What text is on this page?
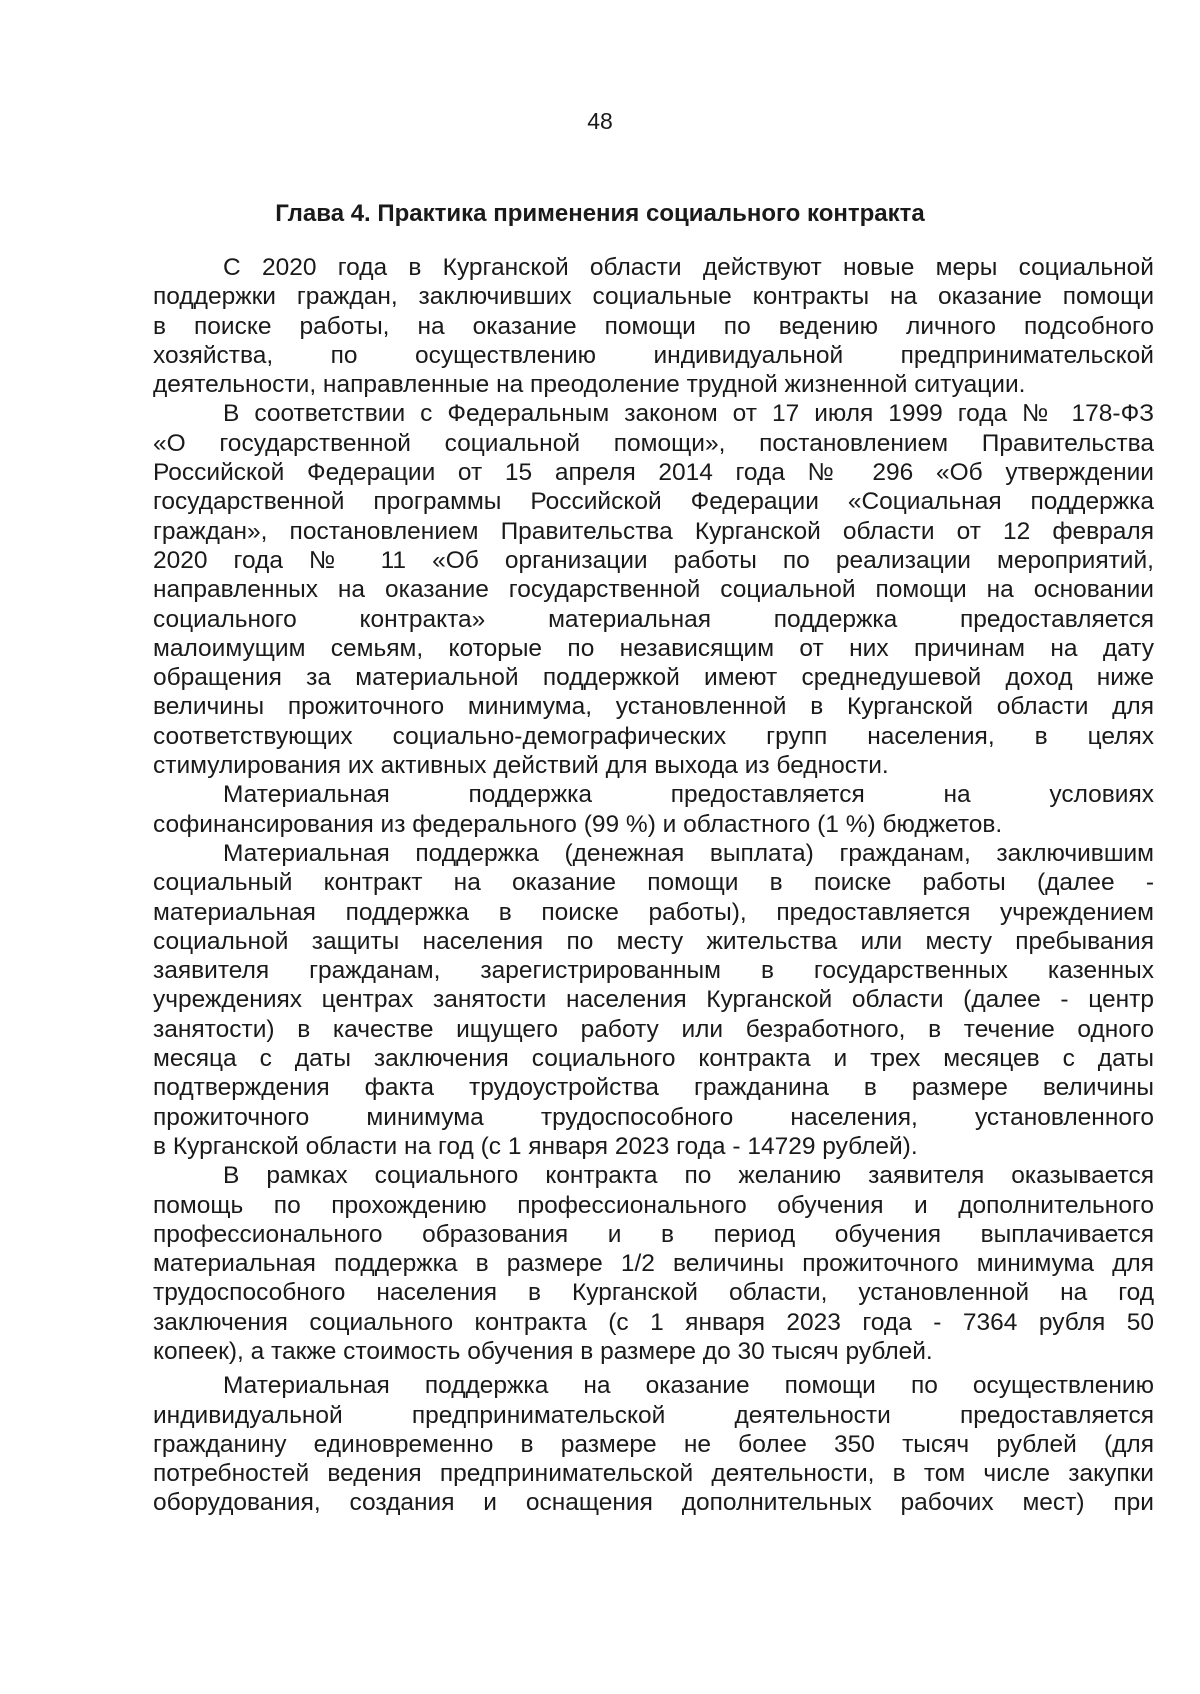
48
Глава 4. Практика применения социального контракта
С 2020 года в Курганской области действуют новые меры социальной
поддержки граждан, заключивших социальные контракты на оказание помощи
в поиске работы, на оказание помощи по ведению личного подсобного
хозяйства, по осуществлению индивидуальной предпринимательской
деятельности, направленные на преодоление трудной жизненной ситуации.
В соответствии с Федеральным законом от 17 июля 1999 года № 178-ФЗ
«О государственной социальной помощи», постановлением Правительства
Российской Федерации от 15 апреля 2014 года № 296 «Об утверждении
государственной программы Российской Федерации «Социальная поддержка
граждан», постановлением Правительства Курганской области от 12 февраля
2020 года № 11 «Об организации работы по реализации мероприятий,
направленных на оказание государственной социальной помощи на основании
социального контракта» материальная поддержка предоставляется
малоимущим семьям, которые по независящим от них причинам на дату
обращения за материальной поддержкой имеют среднедушевой доход ниже
величины прожиточного минимума, установленной в Курганской области для
соответствующих социально-демографических групп населения, в целях
стимулирования их активных действий для выхода из бедности.
Материальная поддержка предоставляется на условиях
софинансирования из федерального (99 %) и областного (1 %) бюджетов.
Материальная поддержка (денежная выплата) гражданам, заключившим
социальный контракт на оказание помощи в поиске работы (далее -
материальная поддержка в поиске работы), предоставляется учреждением
социальной защиты населения по месту жительства или месту пребывания
заявителя гражданам, зарегистрированным в государственных казенных
учреждениях центрах занятости населения Курганской области (далее - центр
занятости) в качестве ищущего работу или безработного, в течение одного
месяца с даты заключения социального контракта и трех месяцев с даты
подтверждения факта трудоустройства гражданина в размере величины
прожиточного минимума трудоспособного населения, установленного
в Курганской области на год (с 1 января 2023 года - 14729 рублей).
В рамках социального контракта по желанию заявителя оказывается
помощь по прохождению профессионального обучения и дополнительного
профессионального образования и в период обучения выплачивается
материальная поддержка в размере 1/2 величины прожиточного минимума для
трудоспособного населения в Курганской области, установленной на год
заключения социального контракта (с 1 января 2023 года - 7364 рубля 50
копеек), а также стоимость обучения в размере до 30 тысяч рублей.
Материальная поддержка на оказание помощи по осуществлению
индивидуальной предпринимательской деятельности предоставляется
гражданину единовременно в размере не более 350 тысяч рублей (для
потребностей ведения предпринимательской деятельности, в том числе закупки
оборудования, создания и оснащения дополнительных рабочих мест) при
